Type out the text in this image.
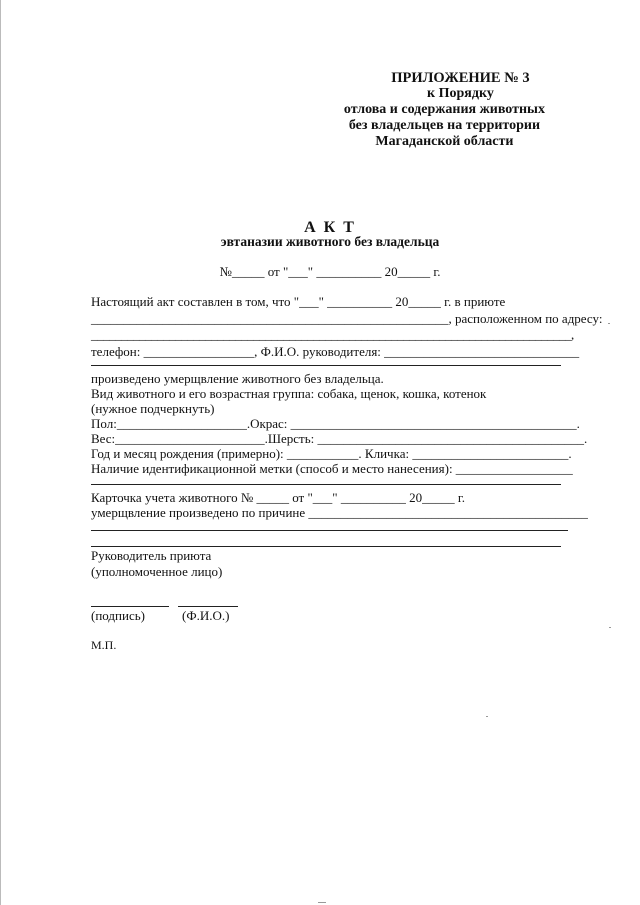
ПРИЛОЖЕНИЕ № 3
к Порядку
отлова и содержания животных
без владельцев на территории
Магаданской области
А К Т
эвтаназии животного без владельца
№_____ от "___" __________ 20_____ г.
Настоящий акт составлен в том, что "___" __________ 20_____ г. в приюте
_______________________________________________________, расположенном по адресу:
________________________________________________________________________________,
телефон: _________________, Ф.И.О. руководителя: ______________________________
произведено умерщвление животного без владельца.
Вид животного и его возрастная группа: собака, щенок, кошка, котенок
(нужное подчеркнуть)
Пол:____________________.Окрас: ____________________________________________.
Вес:_______________________.Шерсть: _________________________________________.
Год и месяц рождения (примерно): ___________. Кличка: ________________________.
Наличие идентификационной метки (способ и место нанесения): __________________
Карточка учета животного № _____ от "___" __________ 20_____ г.
умерщвление произведено по причине ___________________________________________
Руководитель приюта
(уполномоченное лицо)
(подпись)	(Ф.И.О.)
М.П.
